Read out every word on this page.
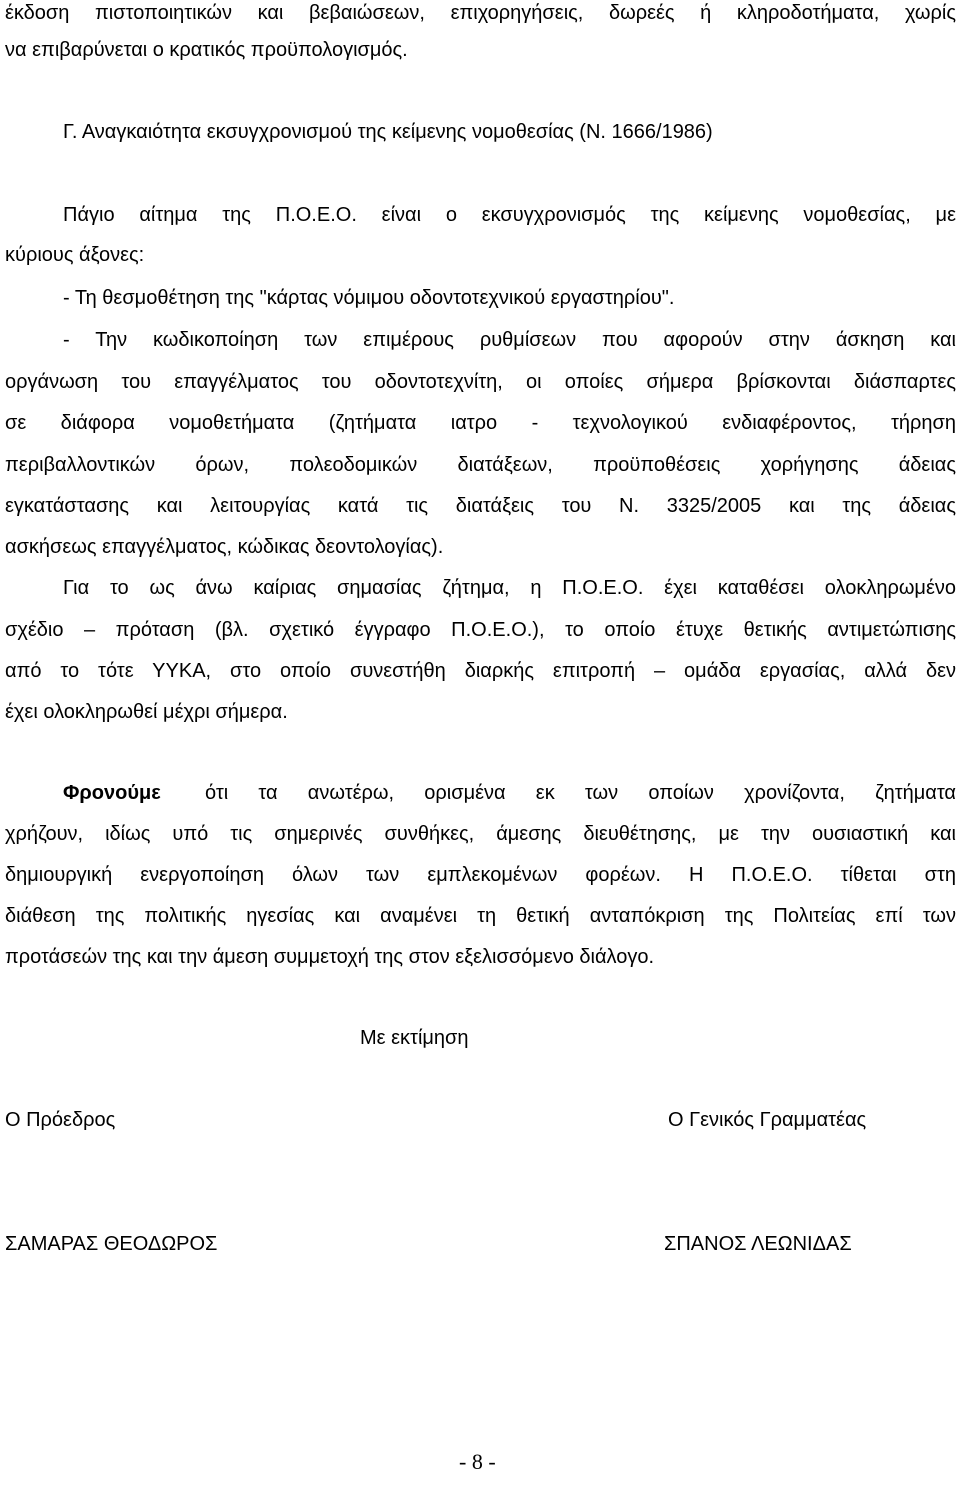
έκδοση πιστοποιητικών και βεβαιώσεων, επιχορηγήσεις, δωρεές ή κληροδοτήματα, χωρίς
να επιβαρύνεται ο κρατικός προϋπολογισμός.
Γ. Αναγκαιότητα εκσυγχρονισμού της κείμενης νομοθεσίας (Ν. 1666/1986)
Πάγιο αίτημα της Π.Ο.Ε.Ο. είναι ο εκσυγχρονισμός της κείμενης νομοθεσίας, με
κύριους άξονες:
- Τη θεσμοθέτηση της "κάρτας νόμιμου οδοντοτεχνικού εργαστηρίου".
- Την κωδικοποίηση των επιμέρους ρυθμίσεων που αφορούν στην άσκηση και
οργάνωση του επαγγέλματος του οδοντοτεχνίτη, οι οποίες σήμερα βρίσκονται διάσπαρτες
σε διάφορα νομοθετήματα (ζητήματα ιατρο - τεχνολογικού ενδιαφέροντος, τήρηση
περιβαλλοντικών όρων, πολεοδομικών διατάξεων, προϋποθέσεις χορήγησης άδειας
εγκατάστασης και λειτουργίας κατά τις διατάξεις του Ν. 3325/2005 και της άδειας
ασκήσεως επαγγέλματος, κώδικας δεοντολογίας).
Για το ως άνω καίριας σημασίας ζήτημα, η Π.Ο.Ε.Ο. έχει καταθέσει ολοκληρωμένο
σχέδιο – πρόταση (βλ. σχετικό έγγραφο Π.Ο.Ε.Ο.), το οποίο έτυχε θετικής αντιμετώπισης
από το τότε ΥΥΚΑ, στο οποίο συνεστήθη διαρκής επιτροπή – ομάδα εργασίας, αλλά δεν
έχει ολοκληρωθεί μέχρι σήμερα.
Φρονούμε ότι τα ανωτέρω, ορισμένα εκ των οποίων χρονίζοντα, ζητήματα
χρήζουν, ιδίως υπό τις σημερινές συνθήκες, άμεσης διευθέτησης, με την ουσιαστική και
δημιουργική ενεργοποίηση όλων των εμπλεκομένων φορέων. Η Π.Ο.Ε.Ο. τίθεται στη
διάθεση της πολιτικής ηγεσίας και αναμένει τη θετική ανταπόκριση της Πολιτείας επί των
προτάσεών της και την άμεση συμμετοχή της στον εξελισσόμενο διάλογο.
Με εκτίμηση
Ο Πρόεδρος	Ο Γενικός Γραμματέας
ΣΑΜΑΡΑΣ ΘΕΟΔΩΡΟΣ	ΣΠΑΝΟΣ ΛΕΩΝΙΔΑΣ
- 8 -
